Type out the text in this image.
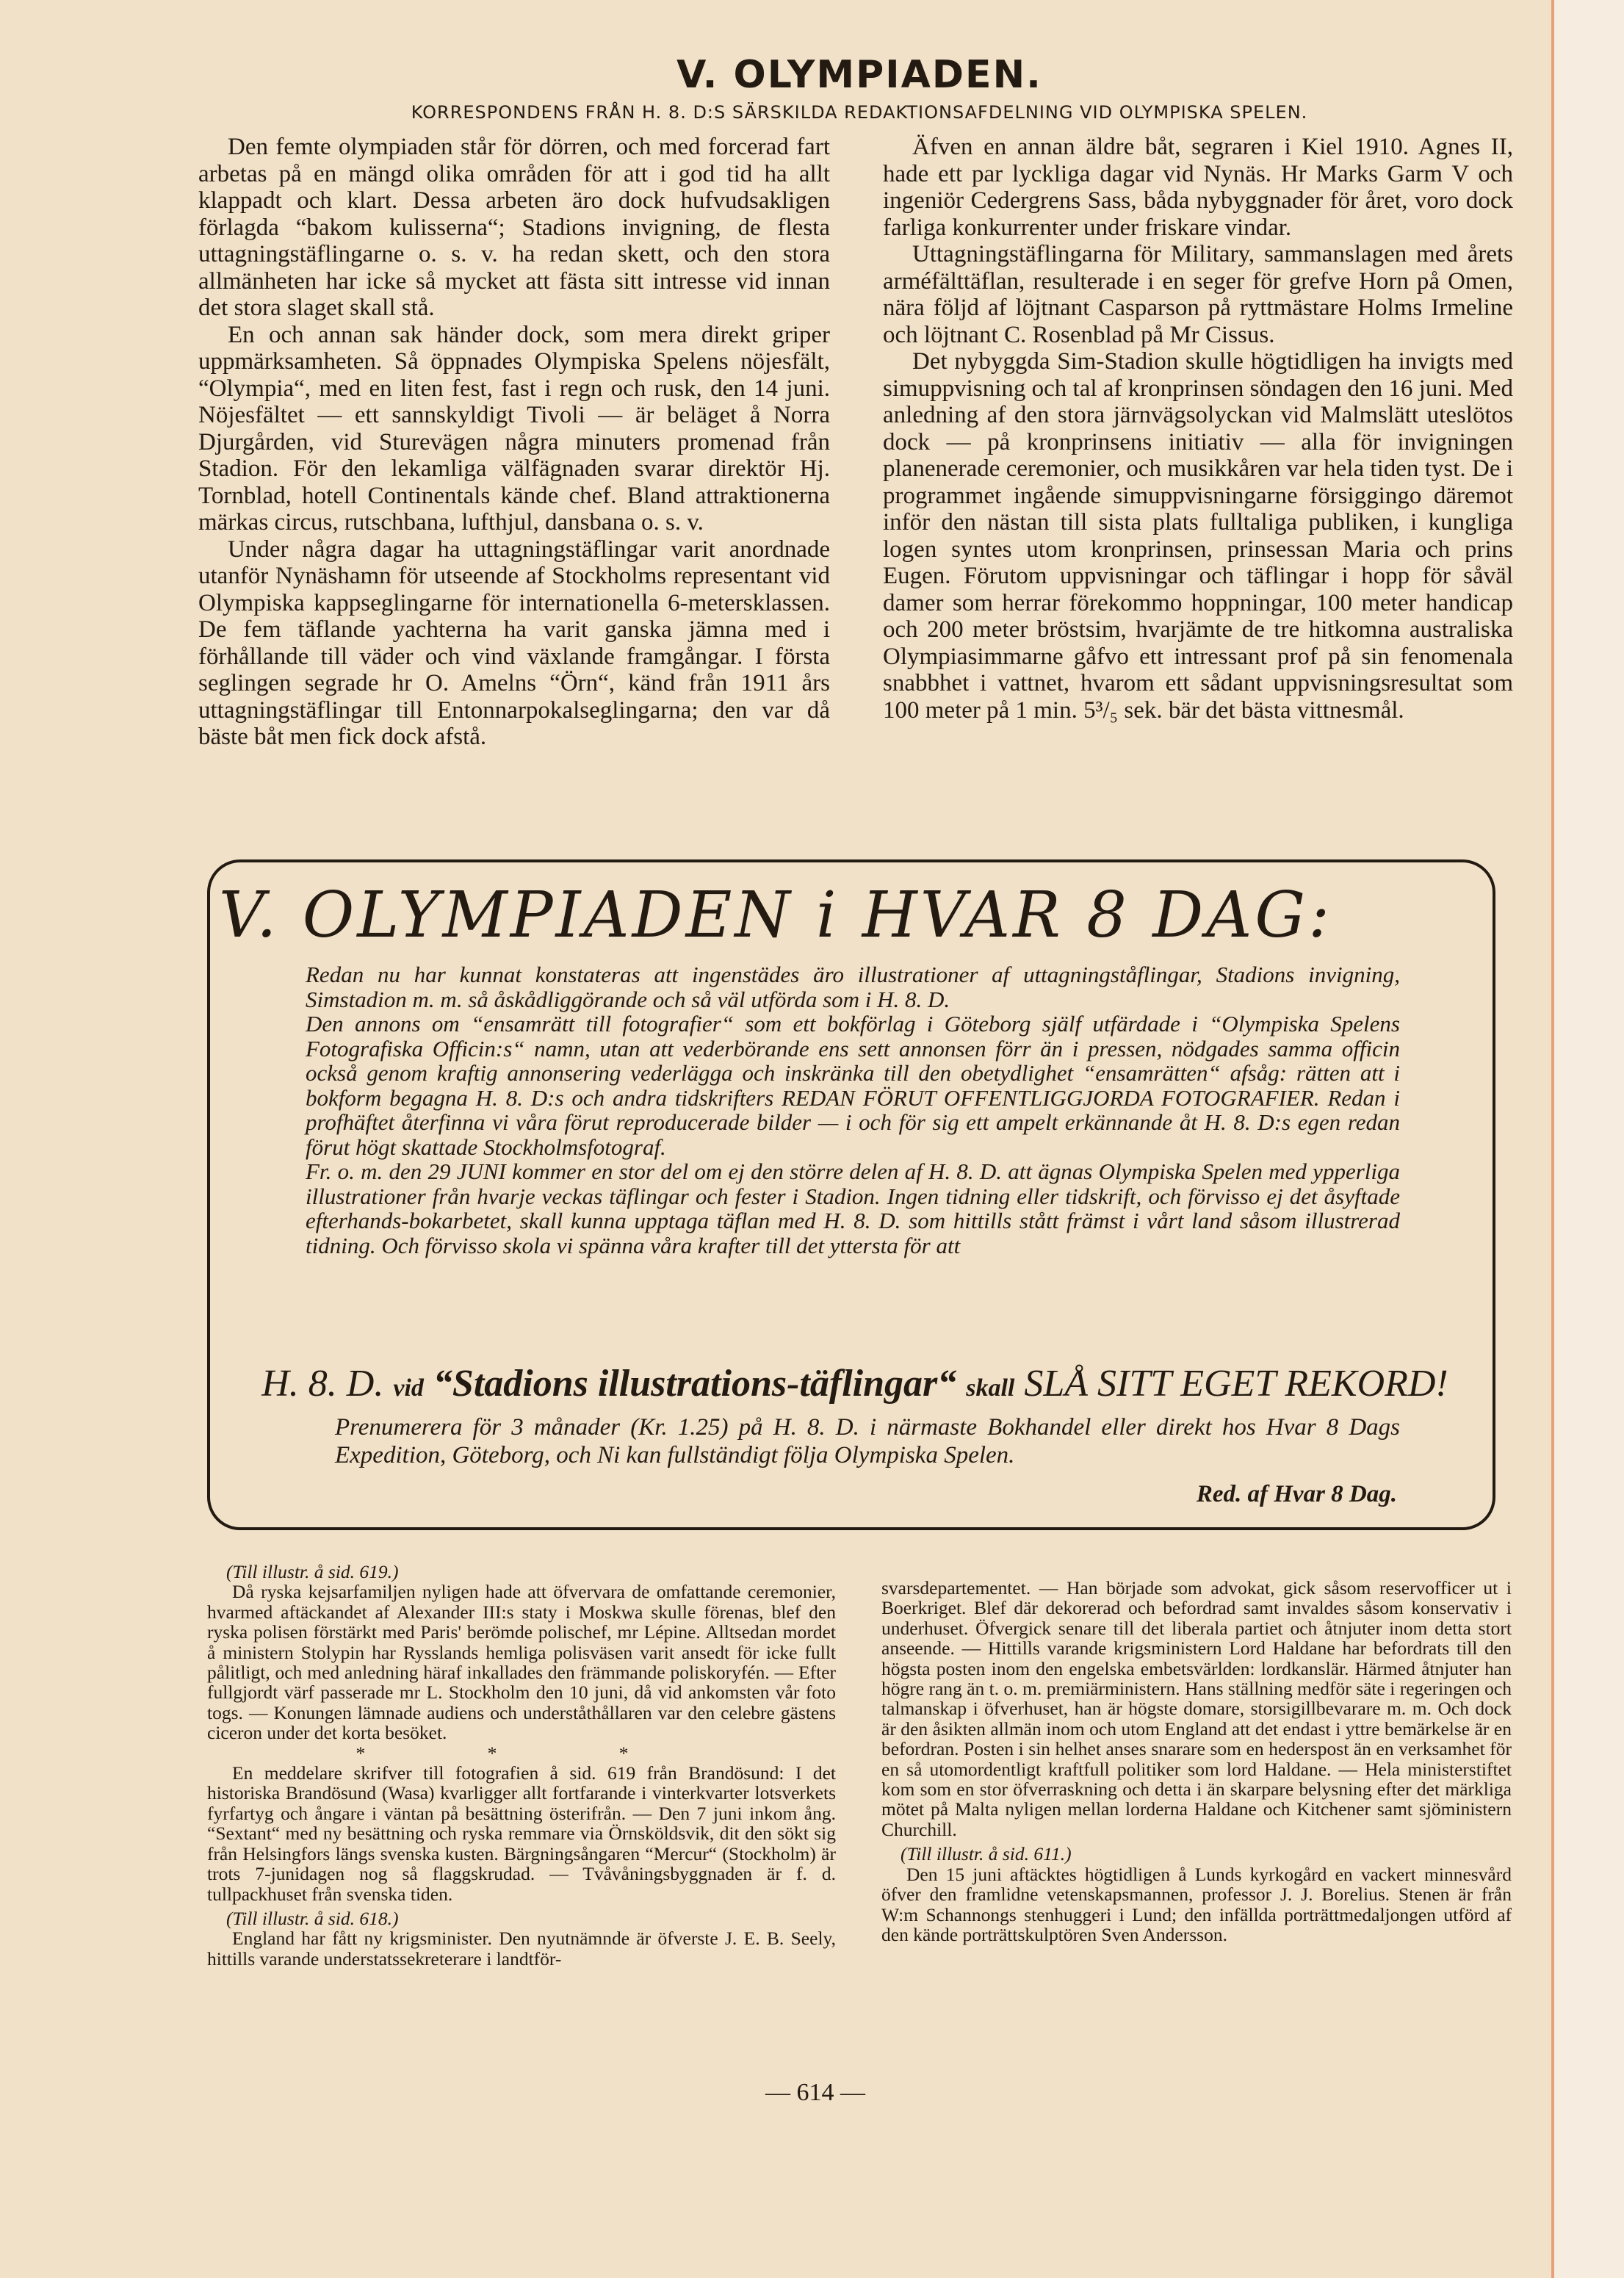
V. OLYMPIADEN.
KORRESPONDENS FRÅN H. 8. D:S SÄRSKILDA REDAKTIONSAFDELNING VID OLYMPISKA SPELEN.

Den femte olympiaden står för dörren, och med forcerad fart arbetas på en mängd olika områden för att i god tid ha allt klappadt och klart. Dessa arbeten äro dock hufvudsakligen förlagda “bakom kulisserna“; Stadions invigning, de flesta uttagningstäflingarne o. s. v. ha redan skett, och den stora allmänheten har icke så mycket att fästa sitt intresse vid innan det stora slaget skall stå.

En och annan sak händer dock, som mera direkt griper uppmärksamheten. Så öppnades Olympiska Spelens nöjesfält, “Olympia“, med en liten fest, fast i regn och rusk, den 14 juni. Nöjesfältet — ett sannskyldigt Tivoli — är beläget å Norra Djurgården, vid Sturevägen några minuters promenad från Stadion. För den lekamliga välfägnaden svarar direktör Hj. Tornblad, hotell Continentals kände chef. Bland attraktionerna märkas circus, rutschbana, lufthjul, dansbana o. s. v.

Under några dagar ha uttagningstäflingar varit anordnade utanför Nynäshamn för utseende af Stockholms representant vid Olympiska kappseglingarne för internationella 6-metersklassen. De fem täflande yachterna ha varit ganska jämna med i förhållande till väder och vind växlande framgångar. I första seglingen segrade hr O. Amelns “Örn“, känd från 1911 års uttagningstäflingar till Entonnarpokalseglingarna; den var då bäste båt men fick dock afstå.

Äfven en annan äldre båt, segraren i Kiel 1910. Agnes II, hade ett par lyckliga dagar vid Nynäs. Hr Marks Garm V och ingeniör Cedergrens Sass, båda nybyggnader för året, voro dock farliga konkurrenter under friskare vindar.

Uttagningstäflingarna för Military, sammanslagen med årets arméfälttäflan, resulterade i en seger för grefve Horn på Omen, nära följd af löjtnant Casparson på ryttmästare Holms Irmeline och löjtnant C. Rosenblad på Mr Cissus.

Det nybyggda Sim-Stadion skulle högtidligen ha invigts med simuppvisning och tal af kronprinsen söndagen den 16 juni. Med anledning af den stora järnvägsolyckan vid Malmslätt uteslötos dock — på kronprinsens initiativ — alla för invigningen planenerade ceremonier, och musikkåren var hela tiden tyst. De i programmet ingående simuppvisningarne försiggingo däremot inför den nästan till sista plats fulltaliga publiken, i kungliga logen syntes utom kronprinsen, prinsessan Maria och prins Eugen. Förutom uppvisningar och täflingar i hopp för såväl damer som herrar förekommo hoppningar, 100 meter handicap och 200 meter bröstsim, hvarjämte de tre hitkomna australiska Olympiasimmarne gåfvo ett intressant prof på sin fenomenala snabbhet i vattnet, hvarom ett sådant uppvisningsresultat som 100 meter på 1 min. 5³/₅ sek. bär det bästa vittnesmål.

V. OLYMPIADEN i HVAR 8 DAG:

Redan nu har kunnat konstateras att ingenstädes äro illustrationer af uttagningståflingar, Stadions invigning, Simstadion m. m. så åskådliggörande och så väl utförda som i H. 8. D.

Den annons om “ensamrätt till fotografier“ som ett bokförlag i Göteborg själf utfärdade i “Olympiska Spelens Fotografiska Officin:s“ namn, utan att vederbörande ens sett annonsen förr än i pressen, nödgades samma officin också genom kraftig annonsering vederlägga och inskränka till den obetydlighet “ensamrätten“ afsåg: rätten att i bokform begagna H. 8. D:s och andra tidskrifters REDAN FÖRUT OFFENTLIGGJORDA FOTOGRAFIER. Redan i profhäftet återfinna vi våra förut reproducerade bilder — i och för sig ett ampelt erkännande åt H. 8. D:s egen redan förut högt skattade Stockholmsfotograf.

Fr. o. m. den 29 JUNI kommer en stor del om ej den större delen af H. 8. D. att ägnas Olympiska Spelen med ypperliga illustrationer från hvarje veckas täflingar och fester i Stadion. Ingen tidning eller tidskrift, och förvisso ej det åsyftade efterhands-bokarbetet, skall kunna upptaga täflan med H. 8. D. som hittills stått främst i vårt land såsom illustrerad tidning. Och förvisso skola vi spänna våra krafter till det yttersta för att

H. 8. D. vid “Stadions illustrations-täflingar“ skall SLÅ SITT EGET REKORD!

Prenumerera för 3 månader (Kr. 1.25) på H. 8. D. i närmaste Bokhandel eller direkt hos Hvar 8 Dags Expedition, Göteborg, och Ni kan fullständigt följa Olympiska Spelen.

Red. af Hvar 8 Dag.

(Till illustr. å sid. 619.)

Då ryska kejsarfamiljen nyligen hade att öfvervara de omfattande ceremonier, hvarmed aftäckandet af Alexander III:s staty i Moskwa skulle förenas, blef den ryska polisen förstärkt med Paris' berömde polischef, mr Lépine. Alltsedan mordet å ministern Stolypin har Rysslands hemliga polisväsen varit ansedt för icke fullt pålitligt, och med anledning häraf inkallades den främmande poliskoryfén. — Efter fullgjordt värf passerade mr L. Stockholm den 10 juni, då vid ankomsten vår foto togs. — Konungen lämnade audiens och underståthållaren var den celebre gästens ciceron under det korta besöket.

* * *

En meddelare skrifver till fotografien å sid. 619 från Brandösund: I det historiska Brandösund (Wasa) kvarligger allt fortfarande i vinterkvarter lotsverkets fyrfartyg och ångare i väntan på besättning österifrån. — Den 7 juni inkom ång. “Sextant“ med ny besättning och ryska remmare via Örnsköldsvik, dit den sökt sig från Helsingfors längs svenska kusten. Bärgningsångaren “Mercur“ (Stockholm) är trots 7-junidagen nog så flaggskrudad. — Tvåvåningsbyggnaden är f. d. tullpackhuset från svenska tiden.

(Till illustr. å sid. 618.)

England har fått ny krigsminister. Den nyutnämnde är öfverste J. E. B. Seely, hittills varande understatssekreterare i landtför-

svarsdepartementet. — Han började som advokat, gick såsom reservofficer ut i Boerkriget. Blef där dekorerad och befordrad samt invaldes såsom konservativ i underhuset. Öfvergick senare till det liberala partiet och åtnjuter inom detta stort anseende. — Hittills varande krigsministern Lord Haldane har befordrats till den högsta posten inom den engelska embetsvärlden: lordkanslär. Härmed åtnjuter han högre rang än t. o. m. premiärministern. Hans ställning medför säte i regeringen och talmanskap i öfverhuset, han är högste domare, storsigillbevarare m. m. Och dock är den åsikten allmän inom och utom England att det endast i yttre bemärkelse är en befordran. Posten i sin helhet anses snarare som en hederspost än en verksamhet för en så utomordentligt kraftfull politiker som lord Haldane. — Hela ministerstiftet kom som en stor öfverraskning och detta i än skarpare belysning efter det märkliga mötet på Malta nyligen mellan lorderna Haldane och Kitchener samt sjöministern Churchill.

(Till illustr. å sid. 611.)

Den 15 juni aftäcktes högtidligen å Lunds kyrkogård en vackert minnesvård öfver den framlidne vetenskapsmannen, professor J. J. Borelius. Stenen är från W:m Schannongs stenhuggeri i Lund; den infällda porträttmedaljongen utförd af den kände porträttskulptören Sven Andersson.

— 614 —
